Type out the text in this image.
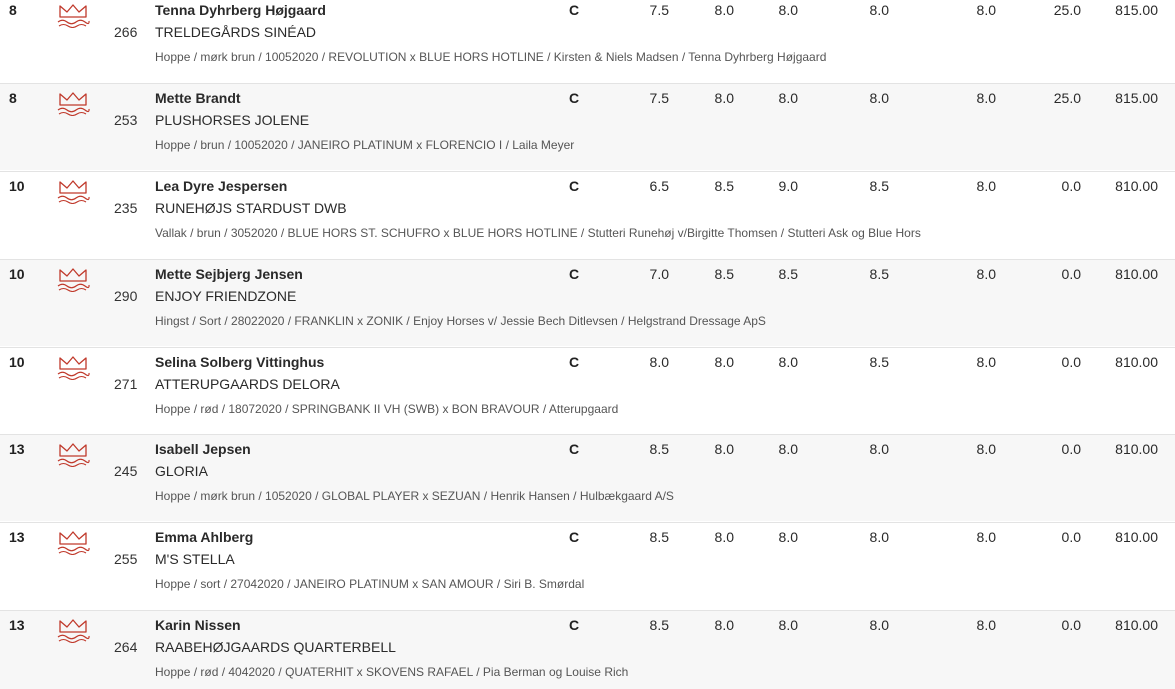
8
266
Tenna Dyhrberg Højgaard
TRELDEGÅRDS SINÉAD
Hoppe / mørk brun / 10052020 / REVOLUTION x BLUE HORS HOTLINE / Kirsten & Niels Madsen / Tenna Dyhrberg Højgaard
C	7.5	8.0	8.0	8.0	8.0	25.0	815.00
8
253
Mette Brandt
PLUSHORSES JOLENE
Hoppe / brun / 10052020 / JANEIRO PLATINUM x FLORENCIO I / Laila Meyer
C	7.5	8.0	8.0	8.0	8.0	25.0	815.00
10
235
Lea Dyre Jespersen
RUNEHØJS STARDUST DWB
Vallak / brun / 3052020 / BLUE HORS ST. SCHUFRO x BLUE HORS HOTLINE / Stutteri Runehøj v/Birgitte Thomsen / Stutteri Ask og Blue Hors
C	6.5	8.5	9.0	8.5	8.0	0.0	810.00
10
290
Mette Sejbjerg Jensen
ENJOY FRIENDZONE
Hingst / Sort / 28022020 / FRANKLIN x ZONIK / Enjoy Horses v/ Jessie Bech Ditlevsen / Helgstrand Dressage ApS
C	7.0	8.5	8.5	8.5	8.0	0.0	810.00
10
271
Selina Solberg Vittinghus
ATTERUPGAARDS DELORA
Hoppe / rød / 18072020 / SPRINGBANK II VH (SWB) x BON BRAVOUR / Atterupgaard
C	8.0	8.0	8.0	8.5	8.0	0.0	810.00
13
245
Isabell Jepsen
GLORIA
Hoppe / mørk brun / 1052020 / GLOBAL PLAYER x SEZUAN / Henrik Hansen / Hulbækgaard A/S
C	8.5	8.0	8.0	8.0	8.0	0.0	810.00
13
255
Emma Ahlberg
M'S STELLA
Hoppe / sort / 27042020 / JANEIRO PLATINUM x SAN AMOUR / Siri B. Smørdal
C	8.5	8.0	8.0	8.0	8.0	0.0	810.00
13
264
Karin Nissen
RAABEHØJGAARDS QUARTERBELL
Hoppe / rød / 4042020 / QUATERHIT x SKOVENS RAFAEL / Pia Berman og Louise Rich
C	8.5	8.0	8.0	8.0	8.0	0.0	810.00
